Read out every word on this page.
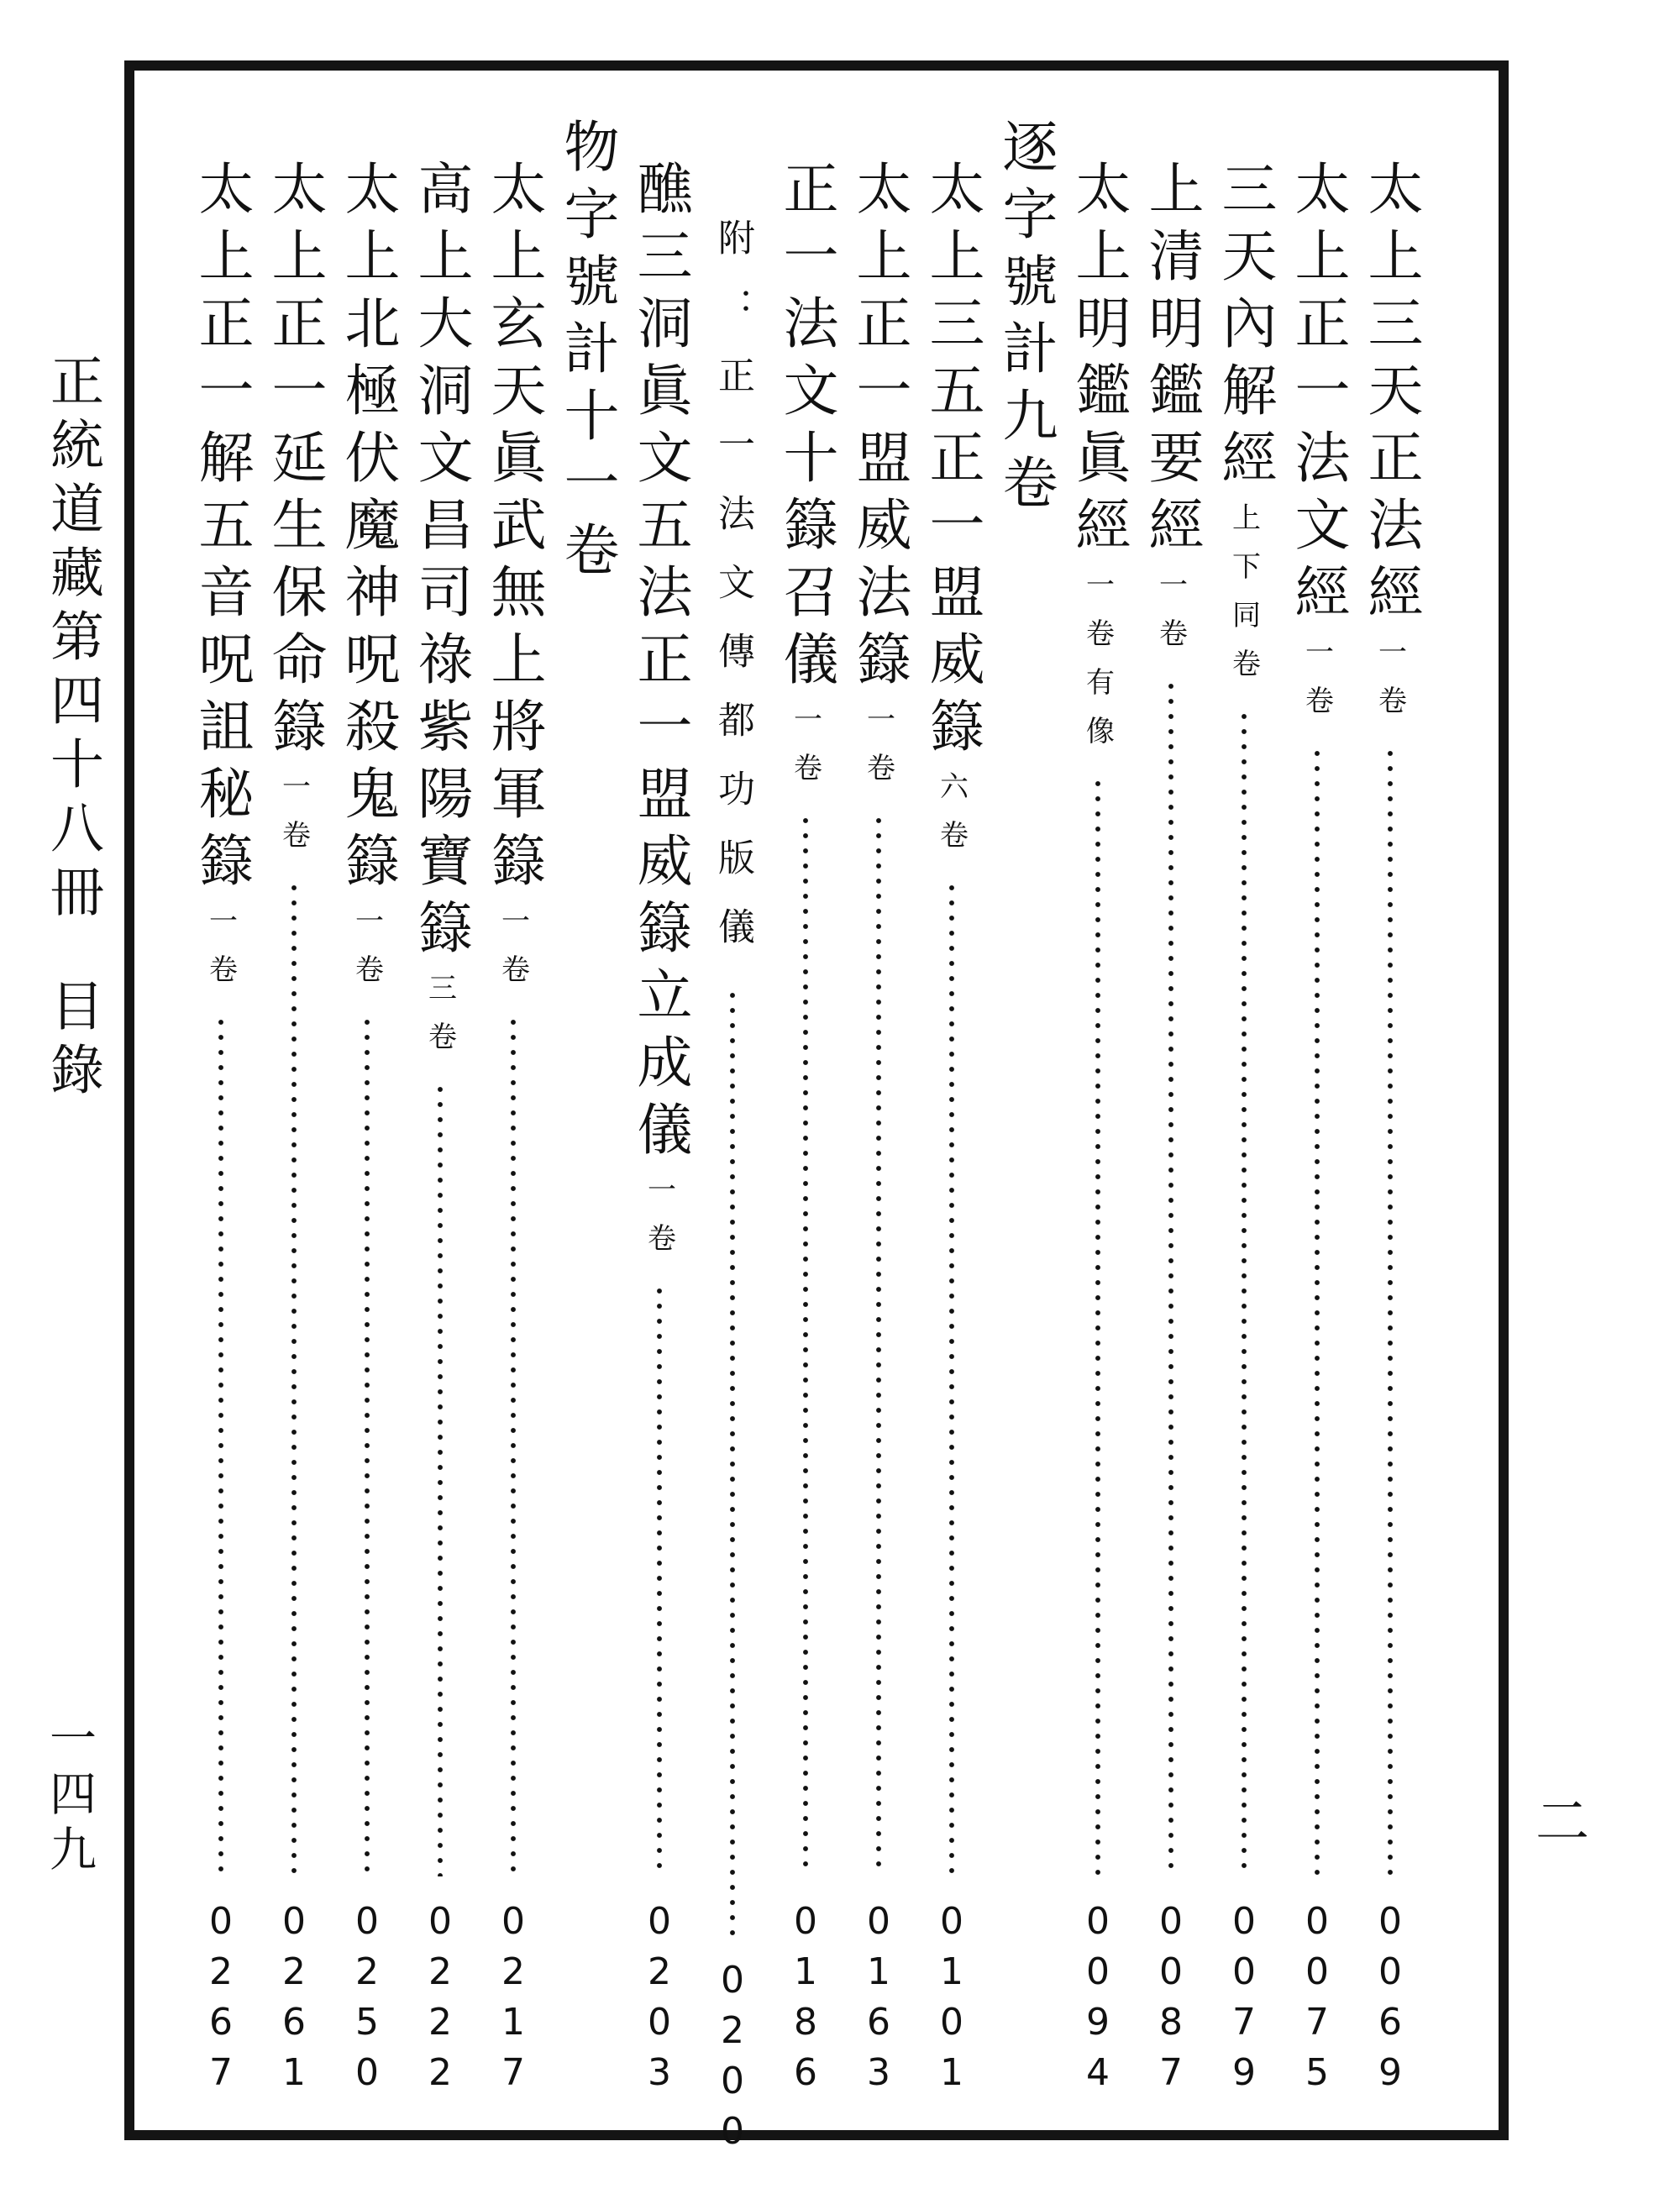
正統道藏第四十八冊目錄
一四九	二
太上三天正法經
一卷
0
0
6
9
太上正一法文經
一卷
0
0
7
5
三天內解經
上下同卷
0
0
7
9
上清明鑑要經
一卷
0
0
8
7
太上明鑑眞經
一卷有像
0
0
9
4
逐字號計九卷
太上三五正一盟威籙
六卷
0
1
0
1
太上正一盟威法籙
一卷
0
1
6
3
正一法文十籙召儀
一卷
0
1
8
6
附：正一法文傳都功版儀
0
2
0
0
醮三洞眞文五法正一盟威籙立成儀
一卷
0
2
0
3
物字號計十一卷
太上玄天眞武無上將軍籙
一卷
0
2
1
7
高上大洞文昌司祿紫陽寶籙
三卷
0
2
2
2
太上北極伏魔神呪殺鬼籙
一卷
0
2
5
0
太上正一延生保命籙
一卷
0
2
6
1
太上正一解五音呪詛秘籙
一卷
0
2
6
7
